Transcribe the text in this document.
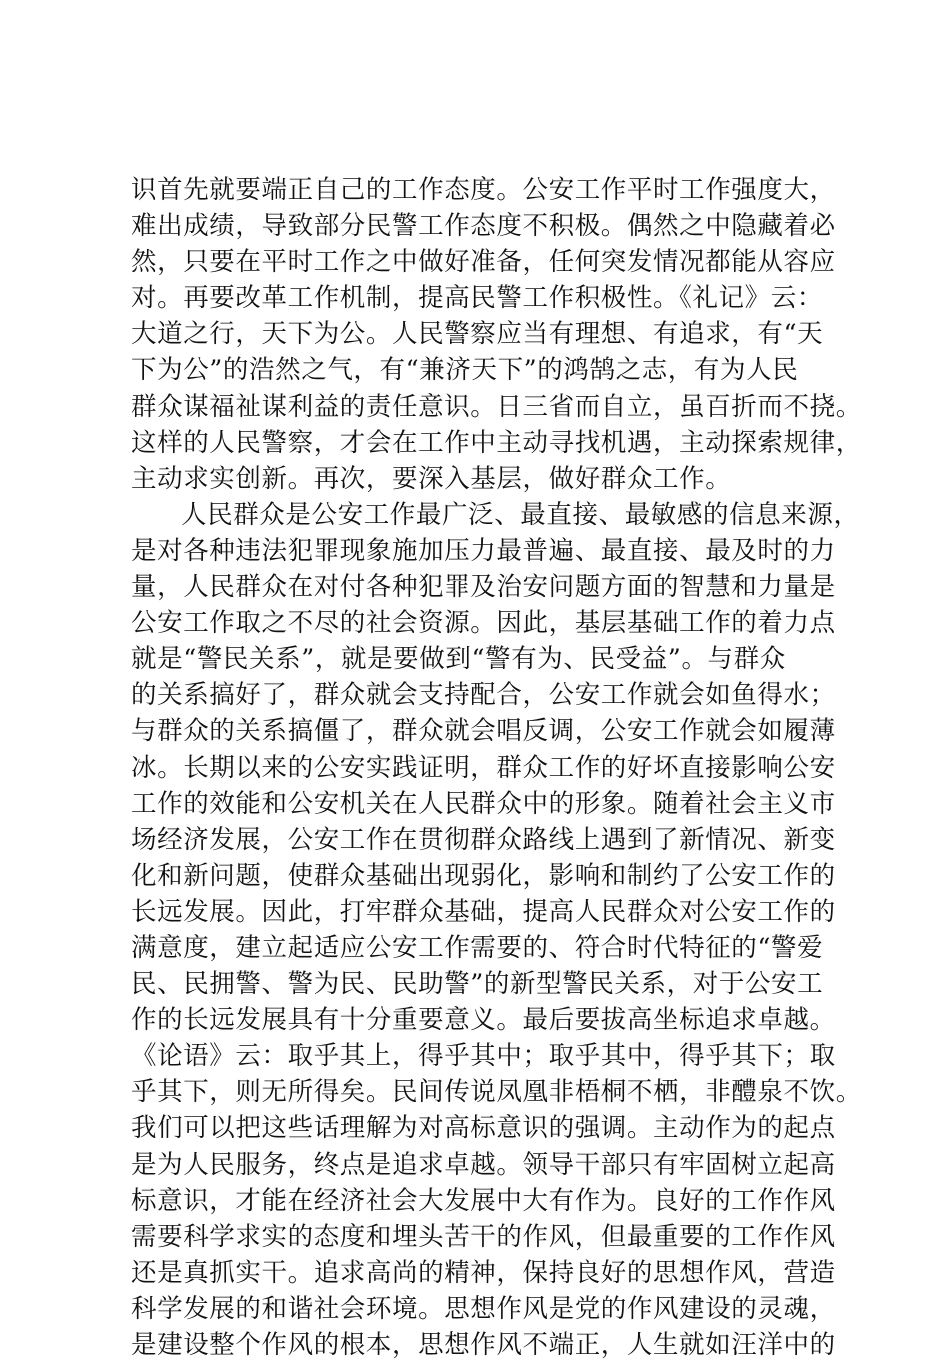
识首先就要端正自己的工作态度。公安工作平时工作强度大，
难出成绩，导致部分民警工作态度不积极。偶然之中隐藏着必
然，只要在平时工作之中做好准备，任何突发情况都能从容应
对。再要改革工作机制，提高民警工作积极性。《礼记》云：
大道之行，天下为公。人民警察应当有理想、有追求，有“天
下为公”的浩然之气，有“兼济天下”的鸿鹄之志，有为人民
群众谋福祉谋利益的责任意识。日三省而自立，虽百折而不挠。
这样的人民警察，才会在工作中主动寻找机遇，主动探索规律，
主动求实创新。再次，要深入基层，做好群众工作。
人民群众是公安工作最广泛、最直接、最敏感的信息来源，
是对各种违法犯罪现象施加压力最普遍、最直接、最及时的力
量，人民群众在对付各种犯罪及治安问题方面的智慧和力量是
公安工作取之不尽的社会资源。因此，基层基础工作的着力点
就是“警民关系”，就是要做到“警有为、民受益”。与群众
的关系搞好了，群众就会支持配合，公安工作就会如鱼得水；
与群众的关系搞僵了，群众就会唱反调，公安工作就会如履薄
冰。长期以来的公安实践证明，群众工作的好坏直接影响公安
工作的效能和公安机关在人民群众中的形象。随着社会主义市
场经济发展，公安工作在贯彻群众路线上遇到了新情况、新变
化和新问题，使群众基础出现弱化，影响和制约了公安工作的
长远发展。因此，打牢群众基础，提高人民群众对公安工作的
满意度，建立起适应公安工作需要的、符合时代特征的“警爱
民、民拥警、警为民、民助警”的新型警民关系，对于公安工
作的长远发展具有十分重要意义。最后要拔高坐标追求卓越。
《论语》云：取乎其上，得乎其中；取乎其中，得乎其下；取
乎其下，则无所得矣。民间传说凤凰非梧桐不栖，非醴泉不饮。
我们可以把这些话理解为对高标意识的强调。主动作为的起点
是为人民服务，终点是追求卓越。领导干部只有牢固树立起高
标意识，才能在经济社会大发展中大有作为。良好的工作作风
需要科学求实的态度和埋头苦干的作风，但最重要的工作作风
还是真抓实干。追求高尚的精神，保持良好的思想作风，营造
科学发展的和谐社会环境。思想作风是党的作风建设的灵魂，
是建设整个作风的根本，思想作风不端正，人生就如汪洋中的
